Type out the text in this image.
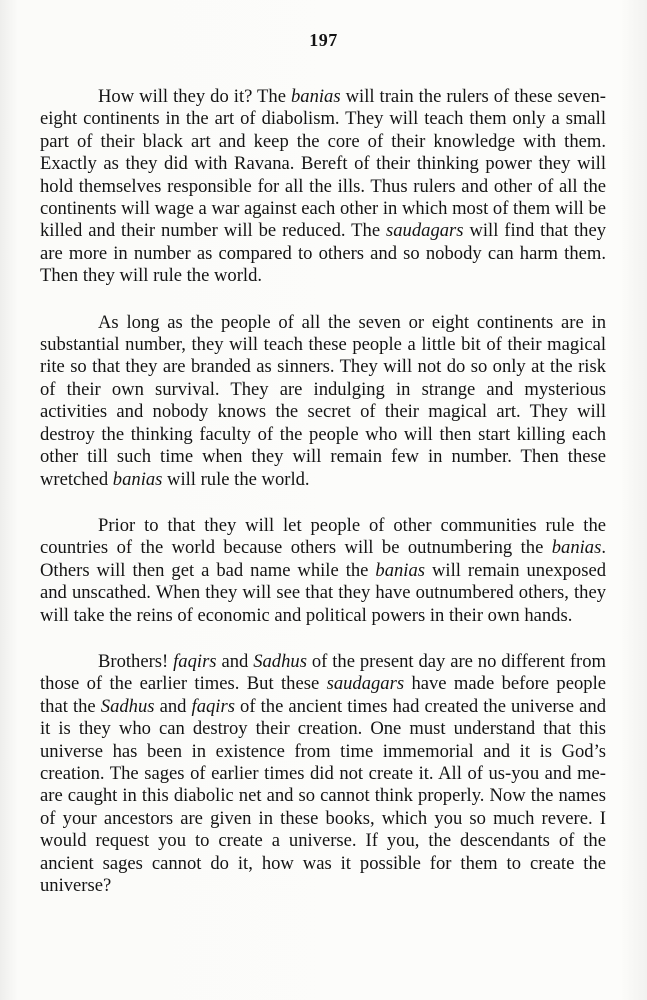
197

How will they do it? The banias will train the rulers of these seven-eight continents in the art of diabolism. They will teach them only a small part of their black art and keep the core of their knowledge with them. Exactly as they did with Ravana. Bereft of their thinking power they will hold themselves responsible for all the ills. Thus rulers and other of all the continents will wage a war against each other in which most of them will be killed and their number will be reduced. The saudagars will find that they are more in number as compared to others and so nobody can harm them. Then they will rule the world.

As long as the people of all the seven or eight continents are in substantial number, they will teach these people a little bit of their magical rite so that they are branded as sinners. They will not do so only at the risk of their own survival. They are indulging in strange and mysterious activities and nobody knows the secret of their magical art. They will destroy the thinking faculty of the people who will then start killing each other till such time when they will remain few in number. Then these wretched banias will rule the world.

Prior to that they will let people of other communities rule the countries of the world because others will be outnumbering the banias. Others will then get a bad name while the banias will remain unexposed and unscathed. When they will see that they have outnumbered others, they will take the reins of economic and political powers in their own hands.

Brothers! faqirs and Sadhus of the present day are no different from those of the earlier times. But these saudagars have made before people that the Sadhus and faqirs of the ancient times had created the universe and it is they who can destroy their creation. One must understand that this universe has been in existence from time immemorial and it is God’s creation. The sages of earlier times did not create it. All of us-you and me-are caught in this diabolic net and so cannot think properly. Now the names of your ancestors are given in these books, which you so much revere. I would request you to create a universe. If you, the descendants of the ancient sages cannot do it, how was it possible for them to create the universe?
